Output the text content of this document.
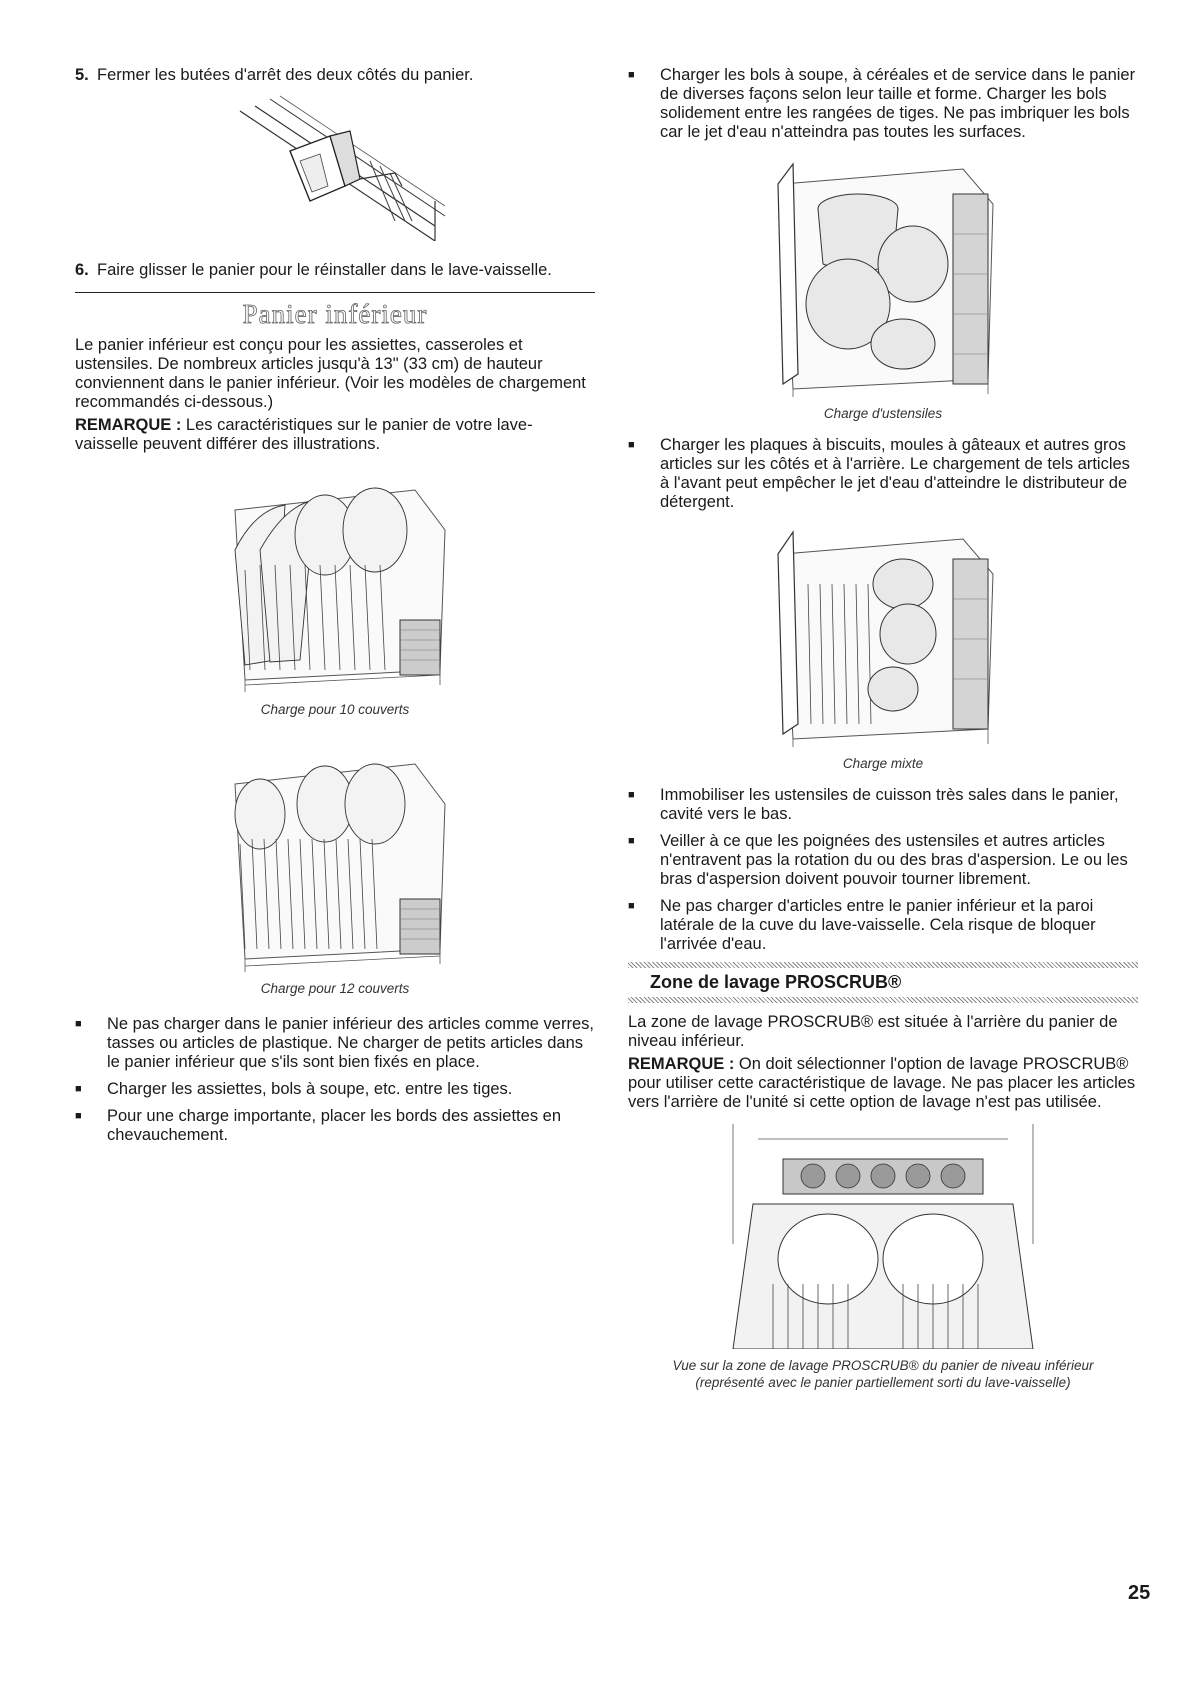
5. Fermer les butées d'arrêt des deux côtés du panier.
6. Faire glisser le panier pour le réinstaller dans le lave-vaisselle.
Panier inférieur

Le panier inférieur est conçu pour les assiettes, casseroles et ustensiles. De nombreux articles jusqu'à 13" (33 cm) de hauteur conviennent dans le panier inférieur. (Voir les modèles de chargement recommandés ci-dessous.)

REMARQUE : Les caractéristiques sur le panier de votre lave-vaisselle peuvent différer des illustrations.

Charge pour 10 couverts
Charge pour 12 couverts
■	Ne pas charger dans le panier inférieur des articles comme verres, tasses ou articles de plastique. Ne charger de petits articles dans le panier inférieur que s'ils sont bien fixés en place.
■	Charger les assiettes, bols à soupe, etc. entre les tiges.
■	Pour une charge importante, placer les bords des assiettes en chevauchement.
■	Charger les bols à soupe, à céréales et de service dans le panier de diverses façons selon leur taille et forme. Charger les bols solidement entre les rangées de tiges. Ne pas imbriquer les bols car le jet d'eau n'atteindra pas toutes les surfaces.
Charge d'ustensiles
■	Charger les plaques à biscuits, moules à gâteaux et autres gros articles sur les côtés et à l'arrière. Le chargement de tels articles à l'avant peut empêcher le jet d'eau d'atteindre le distributeur de détergent.
Charge mixte
■	Immobiliser les ustensiles de cuisson très sales dans le panier, cavité vers le bas.
■	Veiller à ce que les poignées des ustensiles et autres articles n'entravent pas la rotation du ou des bras d'aspersion. Le ou les bras d'aspersion doivent pouvoir tourner librement.
■	Ne pas charger d'articles entre le panier inférieur et la paroi latérale de la cuve du lave-vaisselle. Cela risque de bloquer l'arrivée d'eau.
Zone de lavage PROSCRUB®

La zone de lavage PROSCRUB® est située à l'arrière du panier de niveau inférieur.

REMARQUE : On doit sélectionner l'option de lavage PROSCRUB® pour utiliser cette caractéristique de lavage. Ne pas placer les articles vers l'arrière de l'unité si cette option de lavage n'est pas utilisée.

Vue sur la zone de lavage PROSCRUB® du panier de niveau inférieur
(représenté avec le panier partiellement sorti du lave-vaisselle)
25
